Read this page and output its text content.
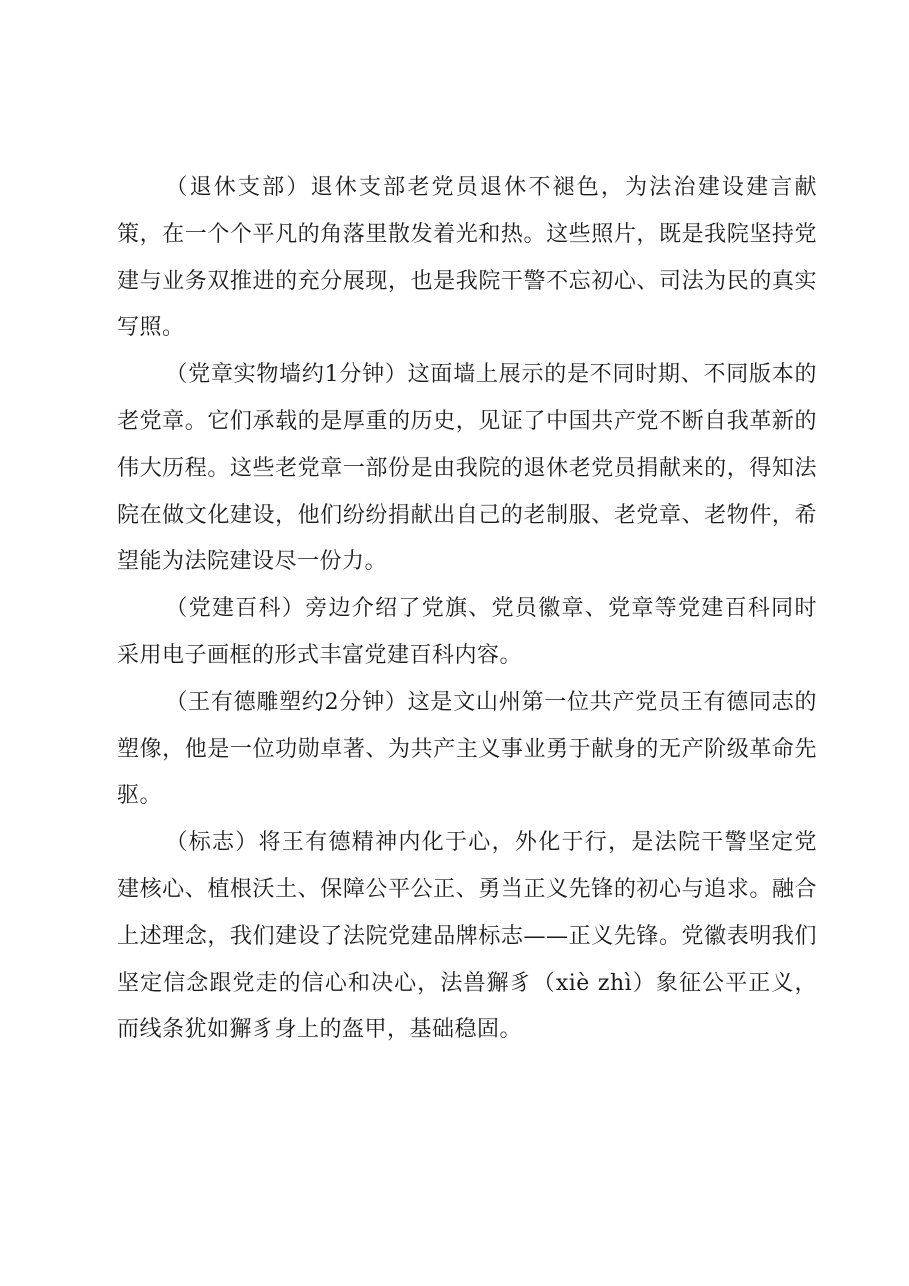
（退休支部）退休支部老党员退休不褪色，为法治建设建言献策，在一个个平凡的角落里散发着光和热。这些照片，既是我院坚持党建与业务双推进的充分展现，也是我院干警不忘初心、司法为民的真实写照。

（党章实物墙约1分钟）这面墙上展示的是不同时期、不同版本的老党章。它们承载的是厚重的历史，见证了中国共产党不断自我革新的伟大历程。这些老党章一部份是由我院的退休老党员捐献来的，得知法院在做文化建设，他们纷纷捐献出自己的老制服、老党章、老物件，希望能为法院建设尽一份力。

（党建百科）旁边介绍了党旗、党员徽章、党章等党建百科同时采用电子画框的形式丰富党建百科内容。

（王有德雕塑约2分钟）这是文山州第一位共产党员王有德同志的塑像，他是一位功勋卓著、为共产主义事业勇于献身的无产阶级革命先驱。

（标志）将王有德精神内化于心，外化于行，是法院干警坚定党建核心、植根沃土、保障公平公正、勇当正义先锋的初心与追求。融合上述理念，我们建设了法院党建品牌标志——正义先锋。党徽表明我们坚定信念跟党走的信心和决心，法兽獬豸（xiè zhì）象征公平正义，而线条犹如獬豸身上的盔甲，基础稳固。
